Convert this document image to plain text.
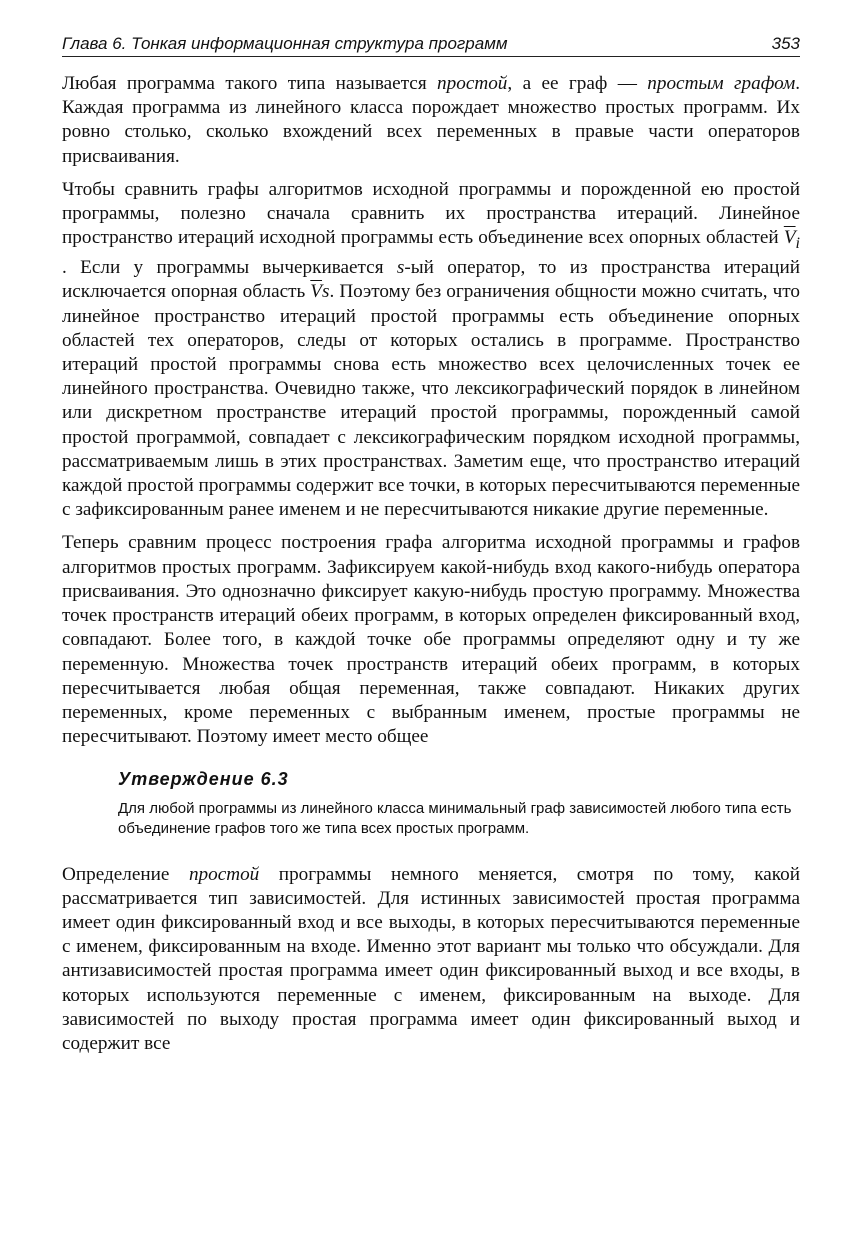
Глава 6. Тонкая информационная структура программ	353

Любая программа такого типа называется простой, а ее граф — простым графом. Каждая программа из линейного класса порождает множество простых программ. Их ровно столько, сколько вхождений всех переменных в правые части операторов присваивания.

Чтобы сравнить графы алгоритмов исходной программы и порожденной ею простой программы, полезно сначала сравнить их пространства итераций. Линейное пространство итераций исходной программы есть объединение всех опорных областей $\overline{V}_i$ . Если у программы вычеркивается s-ый оператор, то из пространства итераций исключается опорная область $\overline{V}s$. Поэтому без ограничения общности можно считать, что линейное пространство итераций простой программы есть объединение опорных областей тех операторов, следы от которых остались в программе. Пространство итераций простой программы снова есть множество всех целочисленных точек ее линейного пространства. Очевидно также, что лексикографический порядок в линейном или дискретном пространстве итераций простой программы, порожденный самой простой программой, совпадает с лексикографическим порядком исходной программы, рассматриваемым лишь в этих пространствах. Заметим еще, что пространство итераций каждой простой программы содержит все точки, в которых пересчитываются переменные с зафиксированным ранее именем и не пересчитываются никакие другие переменные.

Теперь сравним процесс построения графа алгоритма исходной программы и графов алгоритмов простых программ. Зафиксируем какой-нибудь вход какого-нибудь оператора присваивания. Это однозначно фиксирует какую-нибудь простую программу. Множества точек пространств итераций обеих программ, в которых определен фиксированный вход, совпадают. Более того, в каждой точке обе программы определяют одну и ту же переменную. Множества точек пространств итераций обеих программ, в которых пересчитывается любая общая переменная, также совпадают. Никаких других переменных, кроме переменных с выбранным именем, простые программы не пересчитывают. Поэтому имеет место общее

Утверждение 6.3
Для любой программы из линейного класса минимальный граф зависимостей любого типа есть объединение графов того же типа всех простых программ.

Определение простой программы немного меняется, смотря по тому, какой рассматривается тип зависимостей. Для истинных зависимостей простая программа имеет один фиксированный вход и все выходы, в которых пересчитываются переменные с именем, фиксированным на входе. Именно этот вариант мы только что обсуждали. Для антизависимостей простая программа имеет один фиксированный выход и все входы, в которых используются переменные с именем, фиксированным на выходе. Для зависимостей по выходу простая программа имеет один фиксированный выход и содержит все
